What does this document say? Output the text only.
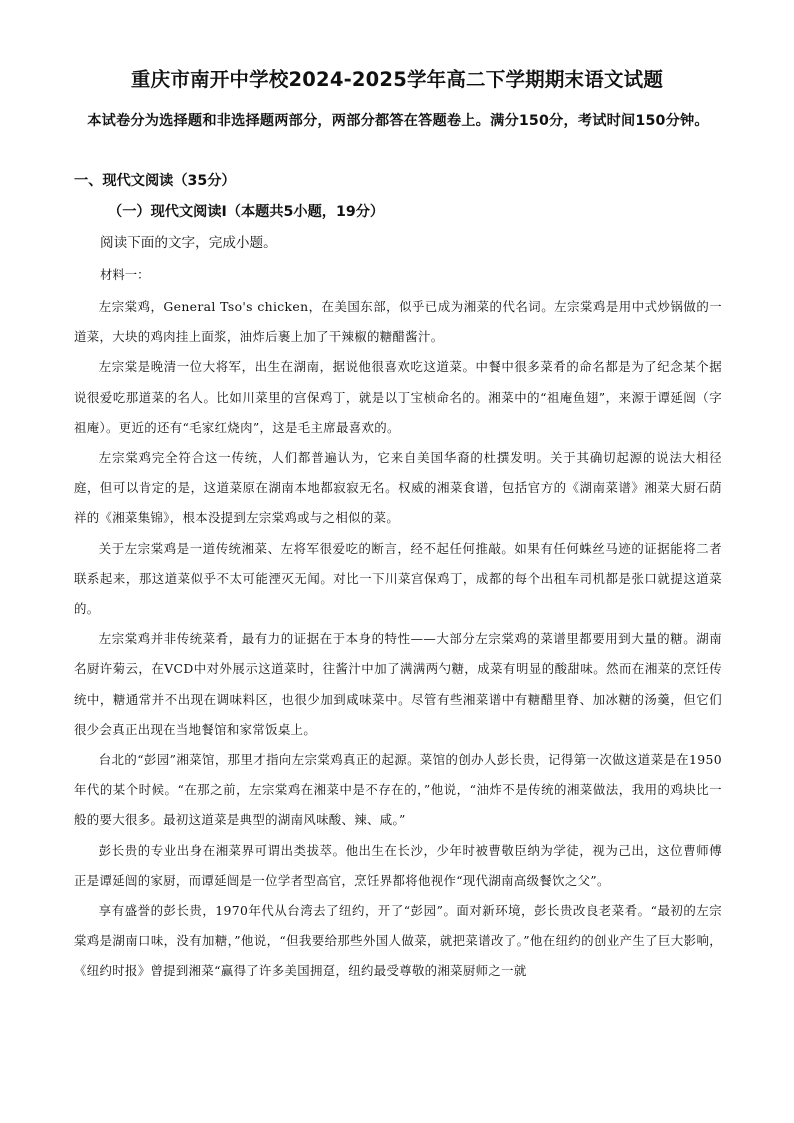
重庆市南开中学校2024-2025学年高二下学期期末语文试题

本试卷分为选择题和非选择题两部分，两部分都答在答题卷上。满分150分，考试时间150分钟。

一、现代文阅读（35分）

（一）现代文阅读Ⅰ（本题共5小题，19分）

阅读下面的文字，完成小题。

材料一：

左宗棠鸡，General Tso's chicken，在美国东部，似乎已成为湘菜的代名词。左宗棠鸡是用中式炒锅做的一道菜，大块的鸡肉挂上面浆，油炸后裹上加了干辣椒的糖醋酱汁。

左宗棠是晚清一位大将军，出生在湖南，据说他很喜欢吃这道菜。中餐中很多菜肴的命名都是为了纪念某个据说很爱吃那道菜的名人。比如川菜里的宫保鸡丁，就是以丁宝桢命名的。湘菜中的“祖庵鱼翅”，来源于谭延闿（字祖庵）。更近的还有“毛家红烧肉”，这是毛主席最喜欢的。

左宗棠鸡完全符合这一传统，人们都普遍认为，它来自美国华裔的杜撰发明。关于其确切起源的说法大相径庭，但可以肯定的是，这道菜原在湖南本地都寂寂无名。权威的湘菜食谱，包括官方的《湖南菜谱》湘菜大厨石荫祥的《湘菜集锦》，根本没提到左宗棠鸡或与之相似的菜。

关于左宗棠鸡是一道传统湘菜、左将军很爱吃的断言，经不起任何推敲。如果有任何蛛丝马迹的证据能将二者联系起来，那这道菜似乎不太可能湮灭无闻。对比一下川菜宫保鸡丁，成都的每个出租车司机都是张口就提这道菜的。

左宗棠鸡并非传统菜肴，最有力的证据在于本身的特性——大部分左宗棠鸡的菜谱里都要用到大量的糖。湖南名厨许菊云，在VCD中对外展示这道菜时，往酱汁中加了满满两勺糖，成菜有明显的酸甜味。然而在湘菜的烹饪传统中，糖通常并不出现在调味料区，也很少加到咸味菜中。尽管有些湘菜谱中有糖醋里脊、加冰糖的汤羹，但它们很少会真正出现在当地餐馆和家常饭桌上。

台北的“彭园”湘菜馆，那里才指向左宗棠鸡真正的起源。菜馆的创办人彭长贵，记得第一次做这道菜是在1950年代的某个时候。“在那之前，左宗棠鸡在湘菜中是不存在的，”他说，“油炸不是传统的湘菜做法，我用的鸡块比一般的要大很多。最初这道菜是典型的湖南风味酸、辣、咸。”

彭长贵的专业出身在湘菜界可谓出类拔萃。他出生在长沙，少年时被曹敬臣纳为学徒，视为己出，这位曹师傅正是谭延闿的家厨，而谭延闿是一位学者型高官，烹饪界都将他视作“现代湖南高级餐饮之父”。

享有盛誉的彭长贵，1970年代从台湾去了纽约，开了“彭园”。面对新环境，彭长贵改良老菜肴。“最初的左宗棠鸡是湖南口味，没有加糖，”他说，“但我要给那些外国人做菜，就把菜谱改了。”他在纽约的创业产生了巨大影响，《纽约时报》曾提到湘菜“赢得了许多美国拥趸，纽约最受尊敬的湘菜厨师之一就
